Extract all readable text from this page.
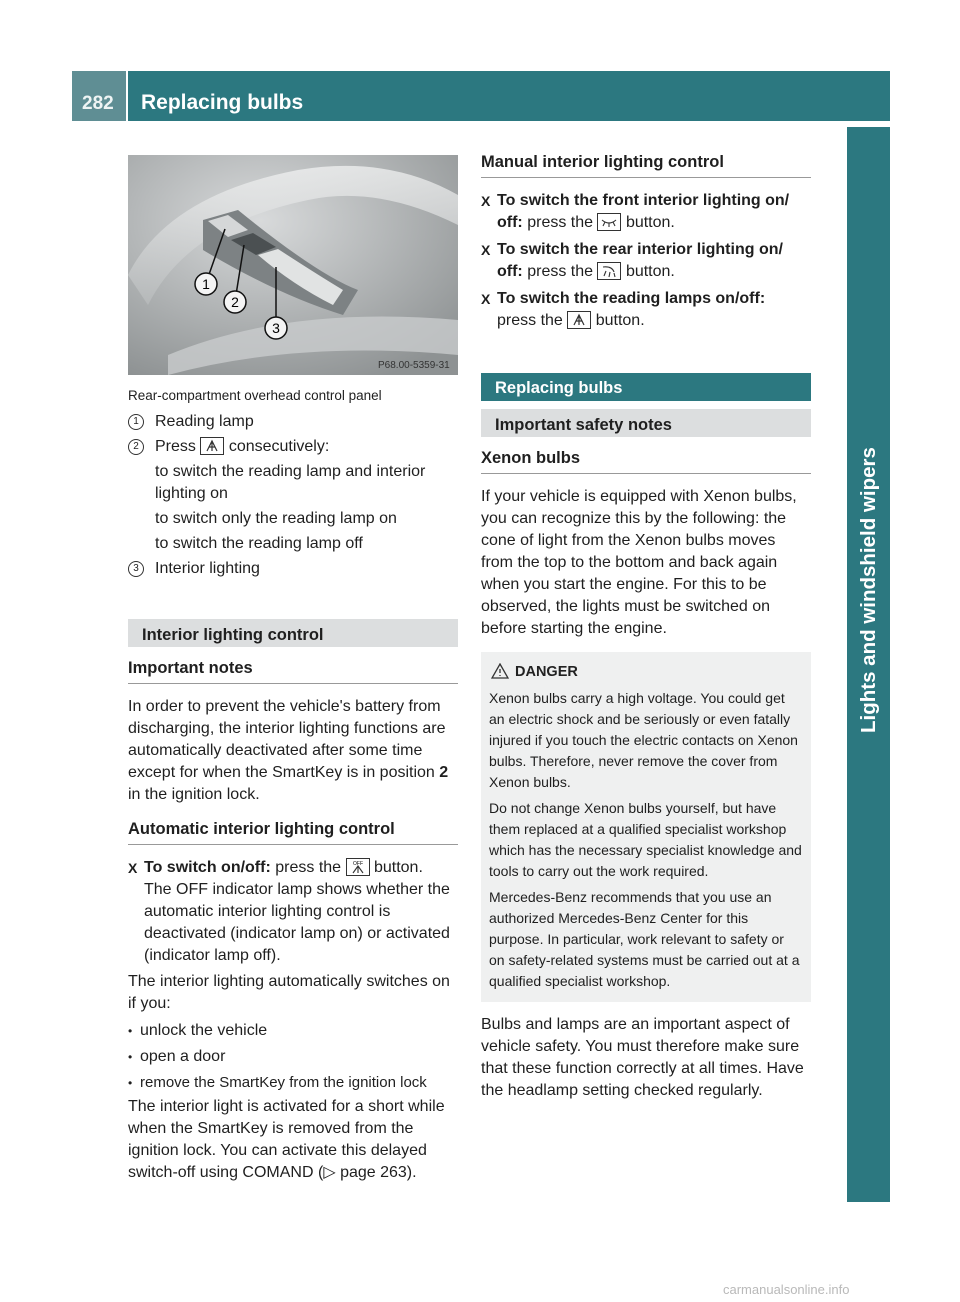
282 Replacing bulbs
Lights and windshield wipers
1
2
3
P68.00-5359-31
Rear-compartment overhead control panel
1	Reading lamp
2	Press consecutively:

to switch the reading lamp and interior lighting on

to switch only the reading lamp on

to switch the reading lamp off

3	Interior lighting
Interior lighting control
Important notes

In order to prevent the vehicle's battery from discharging, the interior lighting functions are automatically deactivated after some time except for when the SmartKey is in position 2 in the ignition lock.

Automatic interior lighting control
X To switch on/off: press the OFF button.
The OFF indicator lamp shows whether the automatic interior lighting control is deactivated (indicator lamp on) or activated (indicator lamp off).

The interior lighting automatically switches on if you:

• unlock the vehicle
• open a door
• remove the SmartKey from the ignition lock

The interior light is activated for a short while when the SmartKey is removed from the ignition lock. You can activate this delayed switch-off using COMAND (▷ page 263).

Manual interior lighting control
X To switch the front interior lighting on/ off: press the button.
X To switch the rear interior lighting on/ off: press the button.
X To switch the reading lamps on/off:
press the button.
Replacing bulbs
Important safety notes
Xenon bulbs

If your vehicle is equipped with Xenon bulbs, you can recognize this by the following: the cone of light from the Xenon bulbs moves from the top to the bottom and back again when you start the engine. For this to be observed, the lights must be switched on before starting the engine.

DANGER

Xenon bulbs carry a high voltage. You could get an electric shock and be seriously or even fatally injured if you touch the electric contacts on Xenon bulbs. Therefore, never remove the cover from Xenon bulbs.

Do not change Xenon bulbs yourself, but have them replaced at a qualified specialist workshop which has the necessary specialist knowledge and tools to carry out the work required.

Mercedes-Benz recommends that you use an authorized Mercedes-Benz Center for this purpose. In particular, work relevant to safety or on safety-related systems must be carried out at a qualified specialist workshop.

Bulbs and lamps are an important aspect of vehicle safety. You must therefore make sure that these function correctly at all times. Have the headlamp setting checked regularly.

carmanualsonline.info
